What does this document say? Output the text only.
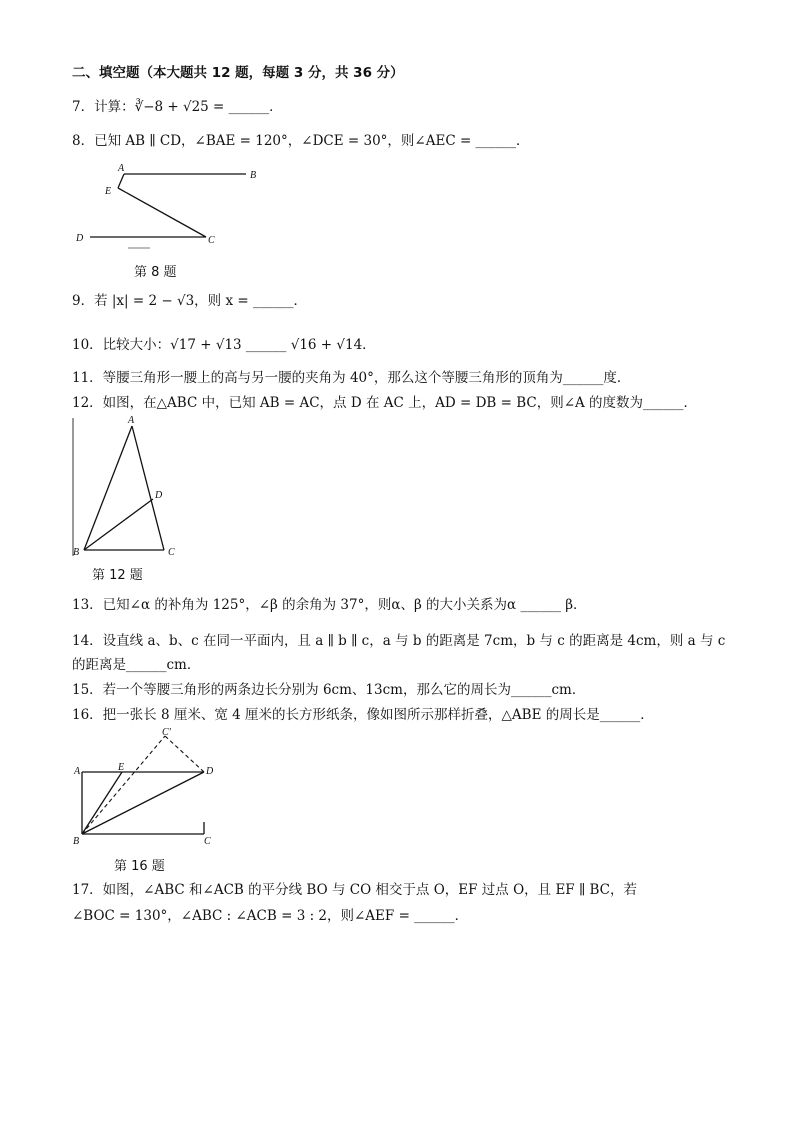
二、填空题（本大题共 12 题，每题 3 分，共 36 分）
7．计算：∛−8 + √25 = ______．
8．已知 AB ∥ CD，∠BAE = 120°，∠DCE = 30°，则∠AEC = ______．
A
B
E
D	C
第 8 题
9．若 |x| = 2 − √3，则 x = ______．
10．比较大小：√17 + √13 ______ √16 + √14．
11．等腰三角形一腰上的高与另一腰的夹角为 40°，那么这个等腰三角形的顶角为______度．
12．如图，在△ABC 中，已知 AB = AC，点 D 在 AC 上，AD = DB = BC，则∠A 的度数为______．
A
D
B	C
第 12 题
13．已知∠α 的补角为 125°，∠β 的余角为 37°，则α、β 的大小关系为α ______ β．
14．设直线 a、b、c 在同一平面内，且 a ∥ b ∥ c，a 与 b 的距离是 7cm，b 与 c 的距离是 4cm，则 a 与 c
的距离是______cm．
15．若一个等腰三角形的两条边长分别为 6cm、13cm，那么它的周长为______cm．
16．把一张长 8 厘米、宽 4 厘米的长方形纸条，像如图所示那样折叠，△ABE 的周长是______．
C'
A	E	D
B	C
第 16 题
17．如图，∠ABC 和∠ACB 的平分线 BO 与 CO 相交于点 O，EF 过点 O，且 EF ∥ BC，若
∠BOC = 130°，∠ABC : ∠ACB = 3 : 2，则∠AEF = ______．
